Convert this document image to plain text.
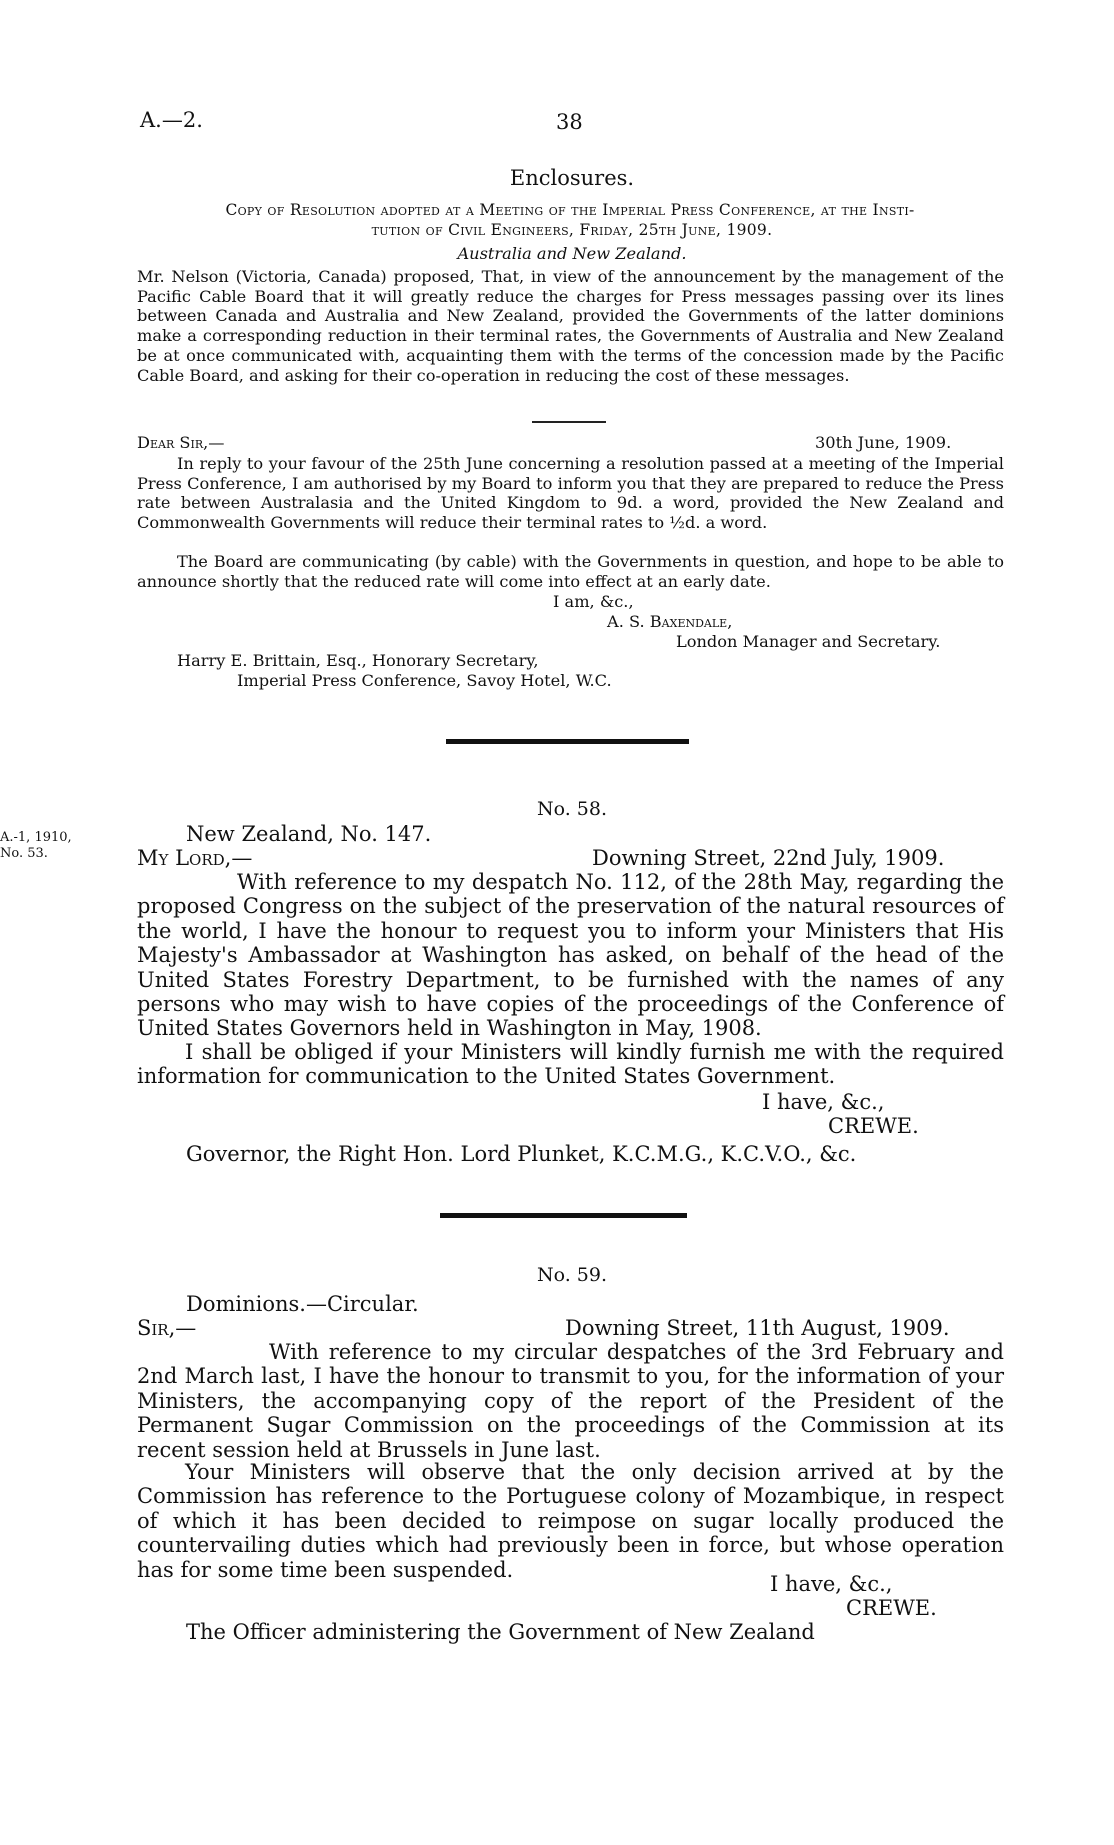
A.—2.	38
Enclosures.
Copy of Resolution adopted at a Meeting of the Imperial Press Conference, at the Insti-
tution of Civil Engineers, Friday, 25th June, 1909.
Australia and New Zealand.

Mr. Nelson (Victoria, Canada) proposed, That, in view of the announcement by the management of the Pacific Cable Board that it will greatly reduce the charges for Press messages passing over its lines between Canada and Australia and New Zealand, provided the Governments of the latter dominions make a corresponding reduction in their terminal rates, the Governments of Australia and New Zealand be at once communicated with, acquainting them with the terms of the concession made by the Pacific Cable Board, and asking for their co-operation in reducing the cost of these messages.

Dear Sir,—	30th June, 1909.

In reply to your favour of the 25th June concerning a resolution passed at a meeting of the Imperial Press Conference, I am authorised by my Board to inform you that they are prepared to reduce the Press rate between Australasia and the United Kingdom to 9d. a word, provided the New Zealand and Commonwealth Governments will reduce their terminal rates to ½d. a word.

The Board are communicating (by cable) with the Governments in question, and hope to be able to announce shortly that the reduced rate will come into effect at an early date.

I am, &c.,
A. S. Baxendale,
London Manager and Secretary.
Harry E. Brittain, Esq., Honorary Secretary,
Imperial Press Conference, Savoy Hotel, W.C.
No. 58.
A.-1, 1910,
No. 53.
New Zealand, No. 147.
My Lord,—	Downing Street, 22nd July, 1909.

With reference to my despatch No. 112, of the 28th May, regarding the proposed Congress on the subject of the preservation of the natural resources of the world, I have the honour to request you to inform your Ministers that His Majesty's Ambassador at Washington has asked, on behalf of the head of the United States Forestry Department, to be furnished with the names of any persons who may wish to have copies of the proceedings of the Conference of United States Governors held in Washington in May, 1908.

I shall be obliged if your Ministers will kindly furnish me with the required information for communication to the United States Government.

I have, &c.,
CREWE.
Governor, the Right Hon. Lord Plunket, K.C.M.G., K.C.V.O., &c.
No. 59.
Dominions.—Circular.
Sir,—	Downing Street, 11th August, 1909.

With reference to my circular despatches of the 3rd February and 2nd March last, I have the honour to transmit to you, for the information of your Ministers, the accompanying copy of the report of the President of the Permanent Sugar Commission on the proceedings of the Commission at its recent session held at Brussels in June last.

Your Ministers will observe that the only decision arrived at by the Commission has reference to the Portuguese colony of Mozambique, in respect of which it has been decided to reimpose on sugar locally produced the countervailing duties which had previously been in force, but whose operation has for some time been suspended.

I have, &c.,
CREWE.
The Officer administering the Government of New Zealand
